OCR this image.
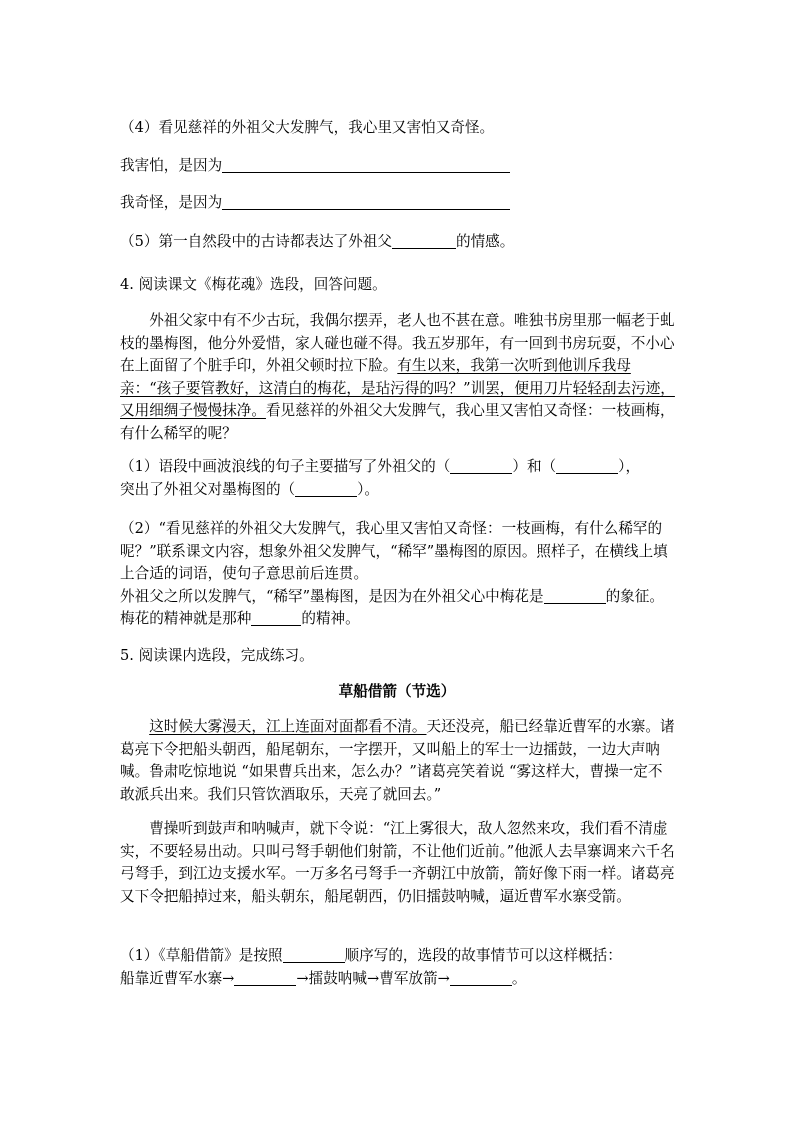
（4）看见慈祥的外祖父大发脾气，我心里又害怕又奇怪。
我害怕，是因为
我奇怪，是因为
（5）第一自然段中的古诗都表达了外祖父	的情感。
4. 阅读课文《梅花魂》选段，回答问题。
外祖父家中有不少古玩，我偶尔摆弄，老人也不甚在意。唯独书房里那一幅老于虬枝的墨梅图，他分外爱惜，家人碰也碰不得。我五岁那年，有一回到书房玩耍，不小心在上面留了个脏手印，外祖父顿时拉下脸。有生以来，我第一次听到他训斥我母亲：“孩子要管教好，这清白的梅花，是玷污得的吗？”训罢，便用刀片轻轻刮去污迹，又用细绸子慢慢抹净。看见慈祥的外祖父大发脾气，我心里又害怕又奇怪：一枝画梅，有什么稀罕的呢？
（1）语段中画波浪线的句子主要描写了外祖父的（	）和（	），
突出了外祖父对墨梅图的（	）。
（2）“看见慈祥的外祖父大发脾气，我心里又害怕又奇怪：一枝画梅，有什么稀罕的呢？”联系课文内容，想象外祖父发脾气，“稀罕”墨梅图的原因。照样子，在横线上填上合适的词语，使句子意思前后连贯。
外祖父之所以发脾气，“稀罕”墨梅图，是因为在外祖父心中梅花是	的象征。梅花的精神就是那种	的精神。
5. 阅读课内选段，完成练习。
草船借箭（节选）
这时候大雾漫天，江上连面对面都看不清。天还没亮，船已经靠近曹军的水寨。诸葛亮下令把船头朝西，船尾朝东，一字摆开，又叫船上的军士一边擂鼓，一边大声呐喊。鲁肃吃惊地说 “如果曹兵出来，怎么办？”诸葛亮笑着说 “雾这样大，曹操一定不敢派兵出来。我们只管饮酒取乐，天亮了就回去。”
曹操听到鼓声和呐喊声，就下令说：“江上雾很大，敌人忽然来攻，我们看不清虚实，不要轻易出动。只叫弓弩手朝他们射箭，不让他们近前。”他派人去旱寨调来六千名弓弩手，到江边支援水军。一万多名弓弩手一齐朝江中放箭，箭好像下雨一样。诸葛亮又下令把船掉过来，船头朝东，船尾朝西，仍旧擂鼓呐喊，逼近曹军水寨受箭。
（1）《草船借箭》是按照	顺序写的，选段的故事情节可以这样概括：
船靠近曹军水寨→	→擂鼓呐喊→曹军放箭→	。
